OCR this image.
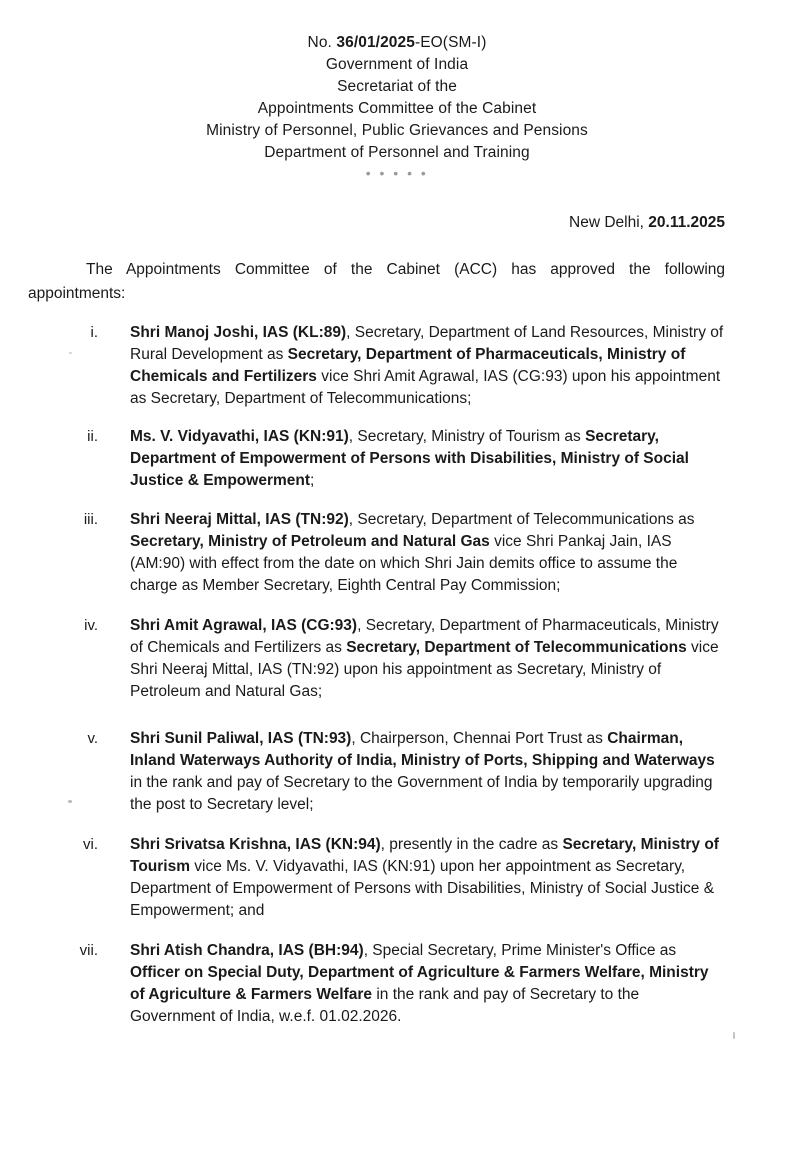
No. 36/01/2025-EO(SM-I)
Government of India
Secretariat of the
Appointments Committee of the Cabinet
Ministry of Personnel, Public Grievances and Pensions
Department of Personnel and Training
• • • • •
New Delhi, 20.11.2025
The Appointments Committee of the Cabinet (ACC) has approved the following appointments:
i. Shri Manoj Joshi, IAS (KL:89), Secretary, Department of Land Resources, Ministry of Rural Development as Secretary, Department of Pharmaceuticals, Ministry of Chemicals and Fertilizers vice Shri Amit Agrawal, IAS (CG:93) upon his appointment as Secretary, Department of Telecommunications;
ii. Ms. V. Vidyavathi, IAS (KN:91), Secretary, Ministry of Tourism as Secretary, Department of Empowerment of Persons with Disabilities, Ministry of Social Justice & Empowerment;
iii. Shri Neeraj Mittal, IAS (TN:92), Secretary, Department of Telecommunications as Secretary, Ministry of Petroleum and Natural Gas vice Shri Pankaj Jain, IAS (AM:90) with effect from the date on which Shri Jain demits office to assume the charge as Member Secretary, Eighth Central Pay Commission;
iv. Shri Amit Agrawal, IAS (CG:93), Secretary, Department of Pharmaceuticals, Ministry of Chemicals and Fertilizers as Secretary, Department of Telecommunications vice Shri Neeraj Mittal, IAS (TN:92) upon his appointment as Secretary, Ministry of Petroleum and Natural Gas;
v. Shri Sunil Paliwal, IAS (TN:93), Chairperson, Chennai Port Trust as Chairman, Inland Waterways Authority of India, Ministry of Ports, Shipping and Waterways in the rank and pay of Secretary to the Government of India by temporarily upgrading the post to Secretary level;
vi. Shri Srivatsa Krishna, IAS (KN:94), presently in the cadre as Secretary, Ministry of Tourism vice Ms. V. Vidyavathi, IAS (KN:91) upon her appointment as Secretary, Department of Empowerment of Persons with Disabilities, Ministry of Social Justice & Empowerment; and
vii. Shri Atish Chandra, IAS (BH:94), Special Secretary, Prime Minister's Office as Officer on Special Duty, Department of Agriculture & Farmers Welfare, Ministry of Agriculture & Farmers Welfare in the rank and pay of Secretary to the Government of India, w.e.f. 01.02.2026.
